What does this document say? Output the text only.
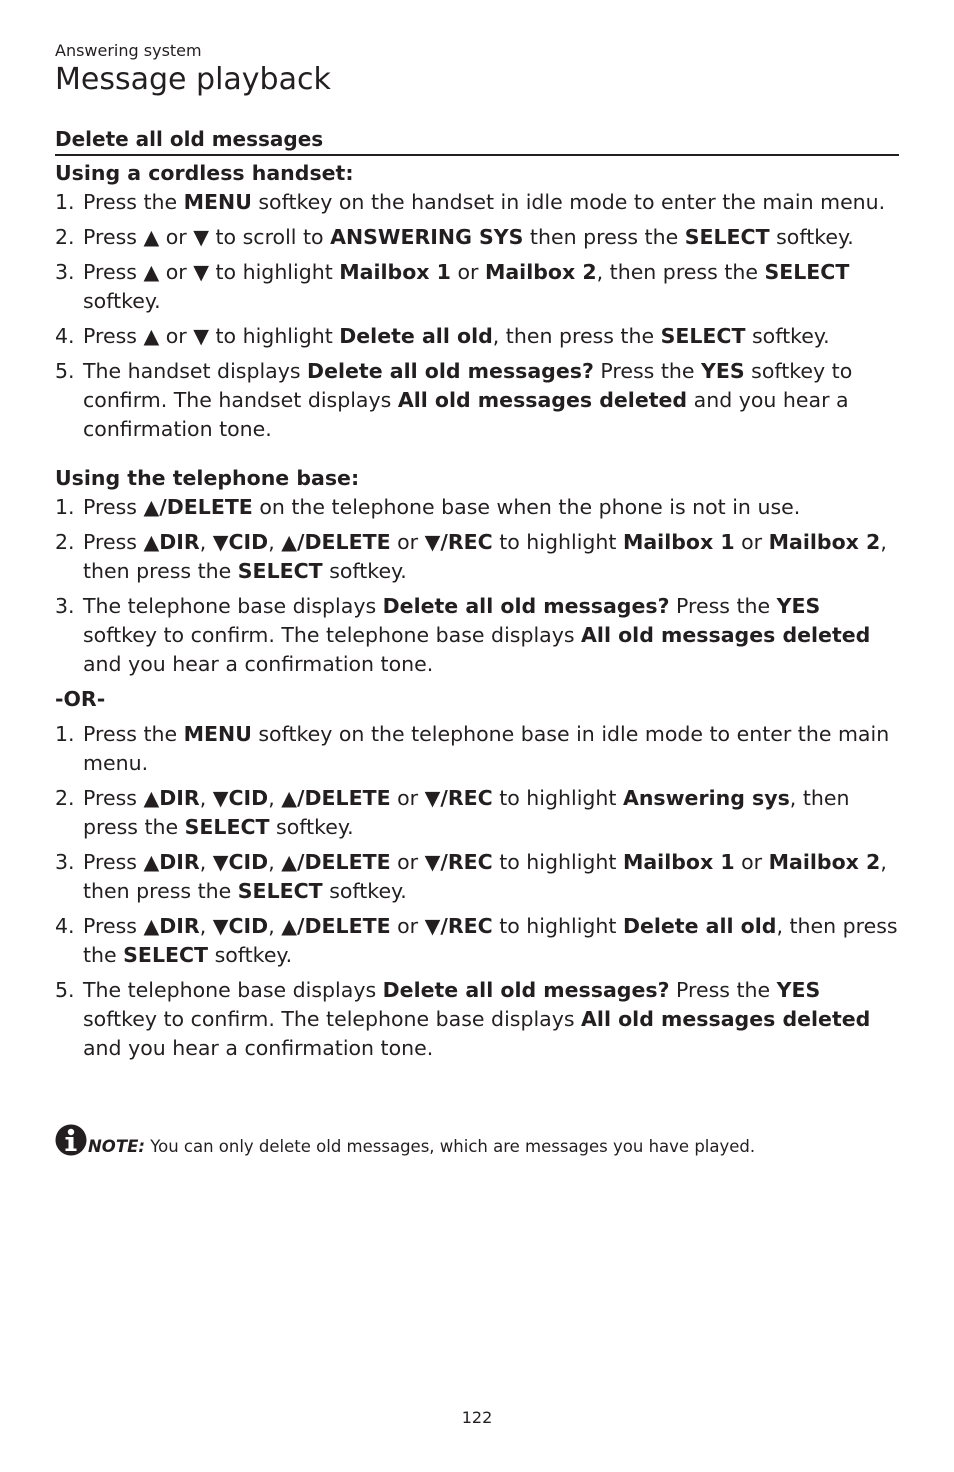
Answering system
Message playback
Delete all old messages

Using a cordless handset:

1. Press the MENU softkey on the handset in idle mode to enter the main menu.
2. Press ▲ or ▼ to scroll to ANSWERING SYS then press the SELECT softkey.
3. Press ▲ or ▼ to highlight Mailbox 1 or Mailbox 2, then press the SELECT softkey.
4. Press ▲ or ▼ to highlight Delete all old, then press the SELECT softkey.
5. The handset displays Delete all old messages? Press the YES softkey to confirm. The handset displays All old messages deleted and you hear a confirmation tone.

Using the telephone base:

1. Press ▲/DELETE on the telephone base when the phone is not in use.
2. Press ▲DIR, ▼CID, ▲/DELETE or ▼/REC to highlight Mailbox 1 or Mailbox 2, then press the SELECT softkey.
3. The telephone base displays Delete all old messages? Press the YES softkey to confirm. The telephone base displays All old messages deleted and you hear a confirmation tone.

-OR-

1. Press the MENU softkey on the telephone base in idle mode to enter the main menu.
2. Press ▲DIR, ▼CID, ▲/DELETE or ▼/REC to highlight Answering sys, then press the SELECT softkey.
3. Press ▲DIR, ▼CID, ▲/DELETE or ▼/REC to highlight Mailbox 1 or Mailbox 2, then press the SELECT softkey.
4. Press ▲DIR, ▼CID, ▲/DELETE or ▼/REC to highlight Delete all old, then press the SELECT softkey.
5. The telephone base displays Delete all old messages? Press the YES softkey to confirm. The telephone base displays All old messages deleted and you hear a confirmation tone.
NOTE: You can only delete old messages, which are messages you have played.
122
